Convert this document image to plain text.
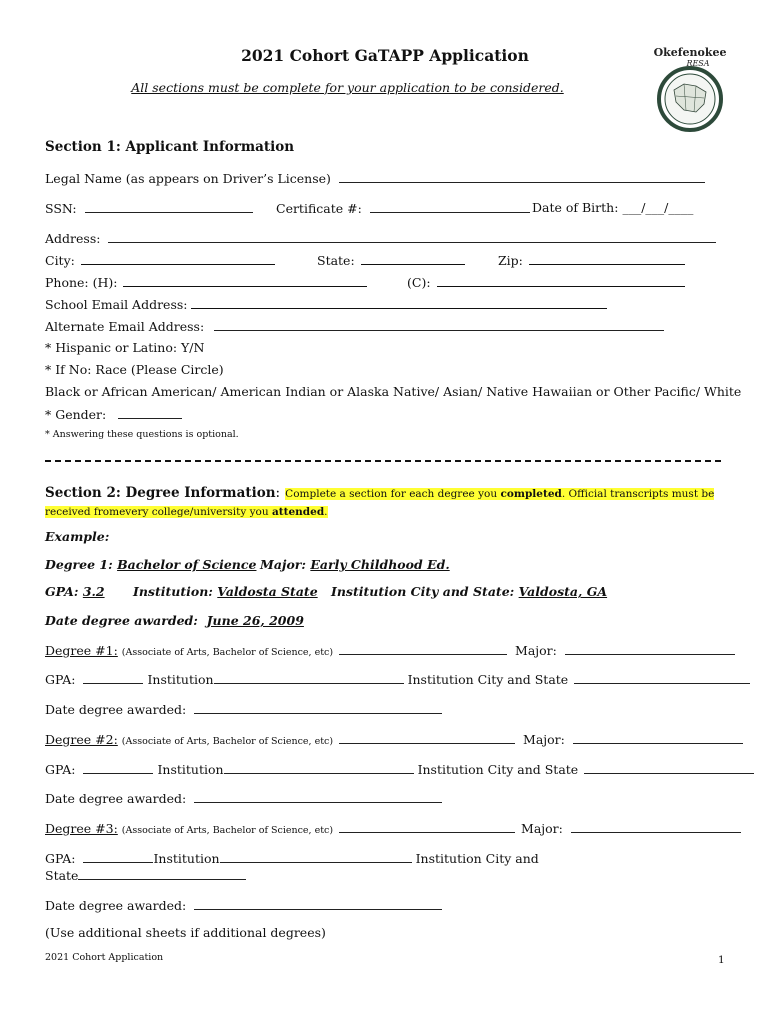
2021 Cohort GaTAPP Application
All sections must be complete for your application to be considered.
Okefenokee
RESA
Section 1: Applicant Information
Legal Name (as appears on Driver’s License)
SSN:	Certificate #:	Date of Birth: ___/___/____
Address:
City:	State:	Zip:
Phone: (H):	(C):
School Email Address:
Alternate Email Address:
* Hispanic or Latino: Y/N
* If No: Race (Please Circle)
Black or African American/ American Indian or Alaska Native/ Asian/ Native Hawaiian or Other Pacific/ White
* Gender:
* Answering these questions is optional.
Section 2: Degree Information: Complete a section for each degree you completed. Official transcripts must be received fromevery college/university you attended.
Example:
Degree 1: Bachelor of Science Major: Early Childhood Ed.
GPA: 3.2 Institution: Valdosta State Institution City and State: Valdosta, GA
Date degree awarded: June 26, 2009
Degree #1: (Associate of Arts, Bachelor of Science, etc)	Major:
GPA:	Institution	Institution City and State
Date degree awarded:
Degree #2: (Associate of Arts, Bachelor of Science, etc)	Major:
GPA:	Institution	Institution City and State
Date degree awarded:
Degree #3: (Associate of Arts, Bachelor of Science, etc)	Major:
GPA:	Institution	Institution City and
State
Date degree awarded:
(Use additional sheets if additional degrees)
2021 Cohort Application	1
